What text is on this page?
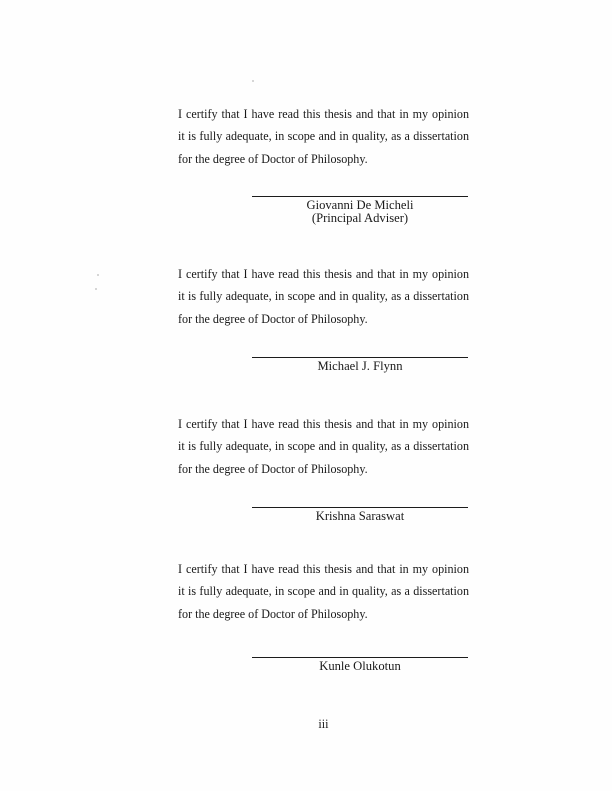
I certify that I have read this thesis and that in my opinion
it is fully adequate, in scope and in quality, as a dissertation
for the degree of Doctor of Philosophy.
Giovanni De Micheli
(Principal Adviser)
I certify that I have read this thesis and that in my opinion
it is fully adequate, in scope and in quality, as a dissertation
for the degree of Doctor of Philosophy.
Michael J. Flynn
I certify that I have read this thesis and that in my opinion
it is fully adequate, in scope and in quality, as a dissertation
for the degree of Doctor of Philosophy.
Krishna Saraswat
I certify that I have read this thesis and that in my opinion
it is fully adequate, in scope and in quality, as a dissertation
for the degree of Doctor of Philosophy.
Kunle Olukotun
iii
